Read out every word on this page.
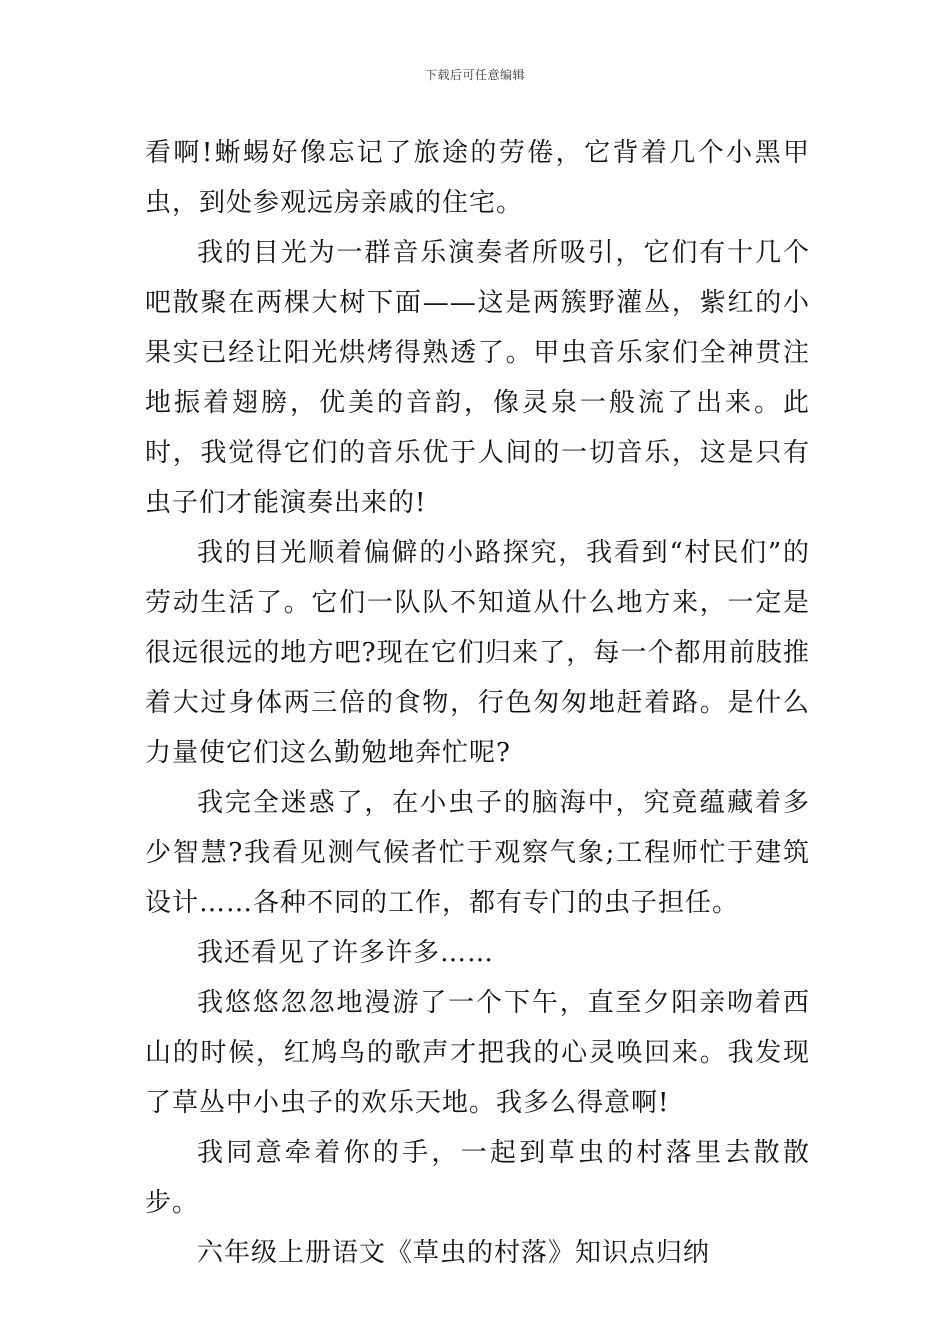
下载后可任意编辑

看啊!蜥蜴好像忘记了旅途的劳倦，它背着几个小黑甲虫，到处参观远房亲戚的住宅。

我的目光为一群音乐演奏者所吸引，它们有十几个吧散聚在两棵大树下面——这是两簇野灌丛，紫红的小果实已经让阳光烘烤得熟透了。甲虫音乐家们全神贯注地振着翅膀，优美的音韵，像灵泉一般流了出来。此时，我觉得它们的音乐优于人间的一切音乐，这是只有虫子们才能演奏出来的!

我的目光顺着偏僻的小路探究，我看到“村民们”的劳动生活了。它们一队队不知道从什么地方来，一定是很远很远的地方吧?现在它们归来了，每一个都用前肢推着大过身体两三倍的食物，行色匆匆地赶着路。是什么力量使它们这么勤勉地奔忙呢?

我完全迷惑了，在小虫子的脑海中，究竟蕴藏着多少智慧?我看见测气候者忙于观察气象;工程师忙于建筑设计……各种不同的工作，都有专门的虫子担任。

我还看见了许多许多……

我悠悠忽忽地漫游了一个下午，直至夕阳亲吻着西山的时候，红鸠鸟的歌声才把我的心灵唤回来。我发现了草丛中小虫子的欢乐天地。我多么得意啊!

我同意牵着你的手，一起到草虫的村落里去散散步。

六年级上册语文《草虫的村落》知识点归纳
